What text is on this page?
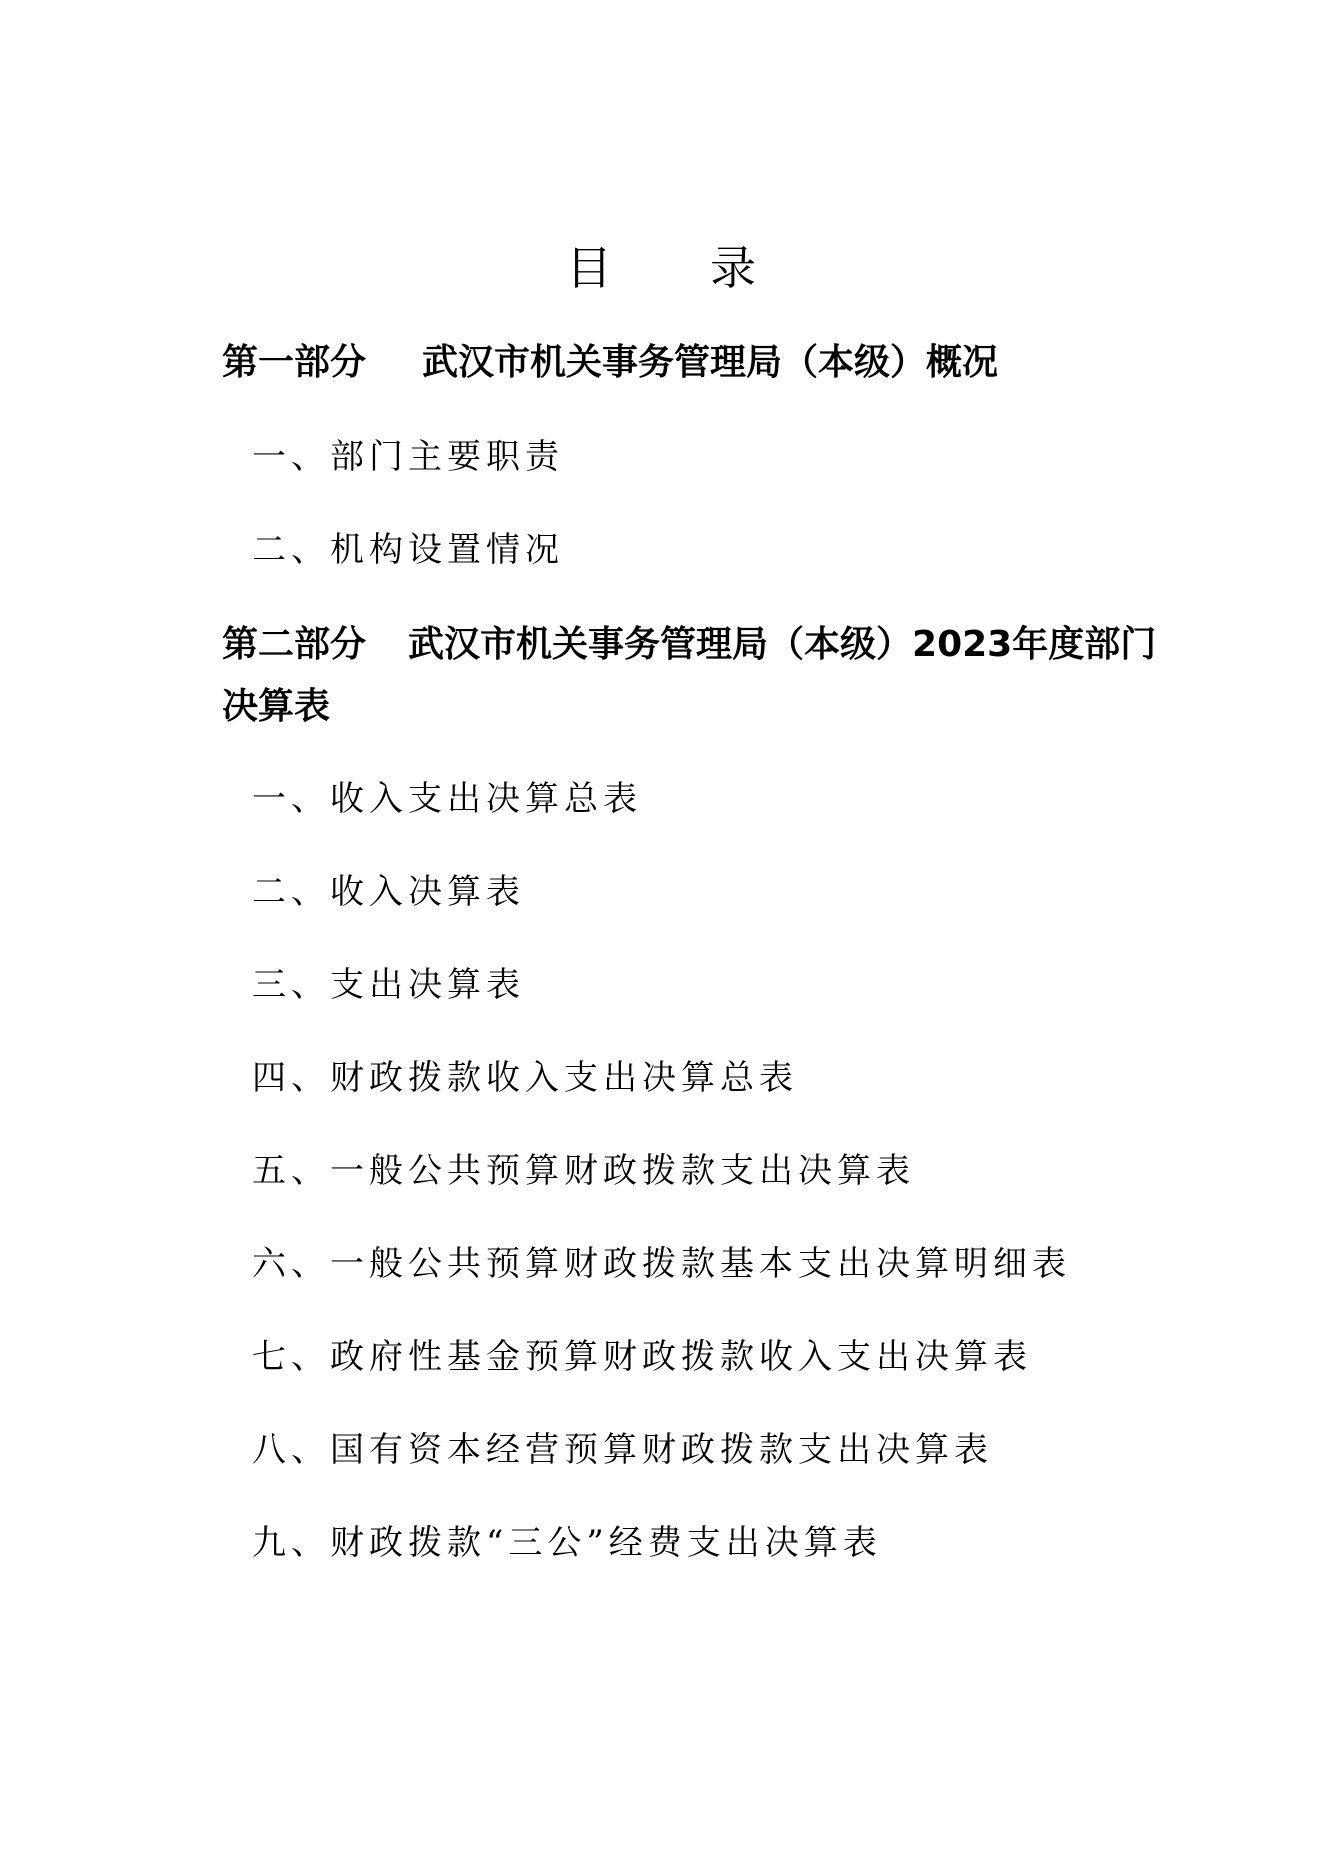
目　　录
第一部分 武汉市机关事务管理局（本级）概况
一、部门主要职责
二、机构设置情况
第二部分 武汉市机关事务管理局（本级）2023年度部门决算表
一、收入支出决算总表
二、收入决算表
三、支出决算表
四、财政拨款收入支出决算总表
五、一般公共预算财政拨款支出决算表
六、一般公共预算财政拨款基本支出决算明细表
七、政府性基金预算财政拨款收入支出决算表
八、国有资本经营预算财政拨款支出决算表
九、财政拨款“三公”经费支出决算表
